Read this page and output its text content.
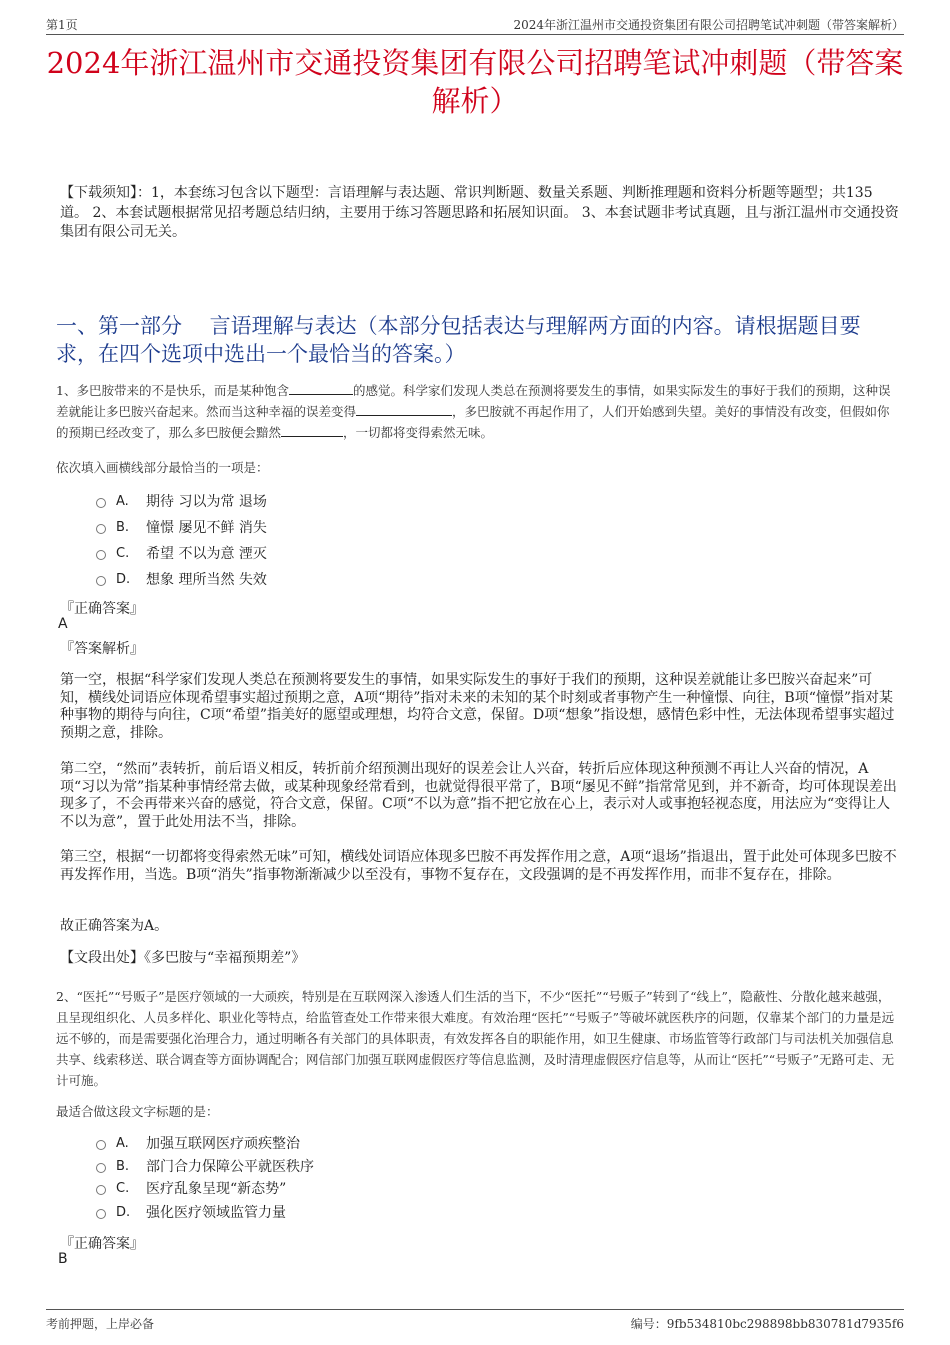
第1页	2024年浙江温州市交通投资集团有限公司招聘笔试冲刺题（带答案解析）
2024年浙江温州市交通投资集团有限公司招聘笔试冲刺题（带答案解析）

【下载须知】：1，本套练习包含以下题型：言语理解与表达题、常识判断题、数量关系题、判断推理题和资料分析题等题型；共135道。 2、本套试题根据常见招考题总结归纳，主要用于练习答题思路和拓展知识面。 3、本套试题非考试真题，且与浙江温州市交通投资集团有限公司无关。

一、第一部分　 言语理解与表达（本部分包括表达与理解两方面的内容。请根据题目要求，在四个选项中选出一个最恰当的答案。）

1、多巴胺带来的不是快乐，而是某种饱含	的感觉。科学家们发现人类总在预测将要发生的事情，如果实际发生的事好于我们的预期，这种误差就能让多巴胺兴奋起来。然而当这种幸福的误差变得	，多巴胺就不再起作用了，人们开始感到失望。美好的事情没有改变，但假如你的预期已经改变了，那么多巴胺便会黯然	，一切都将变得索然无味。

依次填入画横线部分最恰当的一项是：

A.	期待 习以为常 退场
B.	憧憬 屡见不鲜 消失
C.	希望 不以为意 湮灭
D.	想象 理所当然 失效

『正确答案』

A

『答案解析』

第一空，根据“科学家们发现人类总在预测将要发生的事情，如果实际发生的事好于我们的预期，这种误差就能让多巴胺兴奋起来”可知，横线处词语应体现希望事实超过预期之意，A项“期待”指对未来的未知的某个时刻或者事物产生一种憧憬、向往，B项“憧憬”指对某种事物的期待与向往，C项“希望”指美好的愿望或理想，均符合文意，保留。D项“想象”指设想，感情色彩中性，无法体现希望事实超过预期之意，排除。

第二空，“然而”表转折，前后语义相反，转折前介绍预测出现好的误差会让人兴奋，转折后应体现这种预测不再让人兴奋的情况，A项“习以为常”指某种事情经常去做，或某种现象经常看到，也就觉得很平常了，B项“屡见不鲜”指常常见到，并不新奇，均可体现误差出现多了，不会再带来兴奋的感觉，符合文意，保留。C项“不以为意”指不把它放在心上，表示对人或事抱轻视态度，用法应为“变得让人不以为意”，置于此处用法不当，排除。

第三空，根据“一切都将变得索然无味”可知，横线处词语应体现多巴胺不再发挥作用之意，A项“退场”指退出，置于此处可体现多巴胺不再发挥作用，当选。B项“消失”指事物渐渐减少以至没有，事物不复存在，文段强调的是不再发挥作用，而非不复存在，排除。

故正确答案为A。

【文段出处】《多巴胺与“幸福预期差”》

2、“医托”“号贩子”是医疗领域的一大顽疾，特别是在互联网深入渗透人们生活的当下，不少“医托”“号贩子”转到了“线上”，隐蔽性、分散化越来越强，且呈现组织化、人员多样化、职业化等特点，给监管查处工作带来很大难度。有效治理“医托”“号贩子”等破坏就医秩序的问题，仅靠某个部门的力量是远远不够的，而是需要强化治理合力，通过明晰各有关部门的具体职责，有效发挥各自的职能作用，如卫生健康、市场监管等行政部门与司法机关加强信息共享、线索移送、联合调查等方面协调配合；网信部门加强互联网虚假医疗等信息监测，及时清理虚假医疗信息等，从而让“医托”“号贩子”无路可走、无计可施。

最适合做这段文字标题的是：

A.	加强互联网医疗顽疾整治
B.	部门合力保障公平就医秩序
C.	医疗乱象呈现“新态势”
D.	强化医疗领域监管力量

『正确答案』

B

考前押题，上岸必备	编号：9fb534810bc298898bb830781d7935f6
